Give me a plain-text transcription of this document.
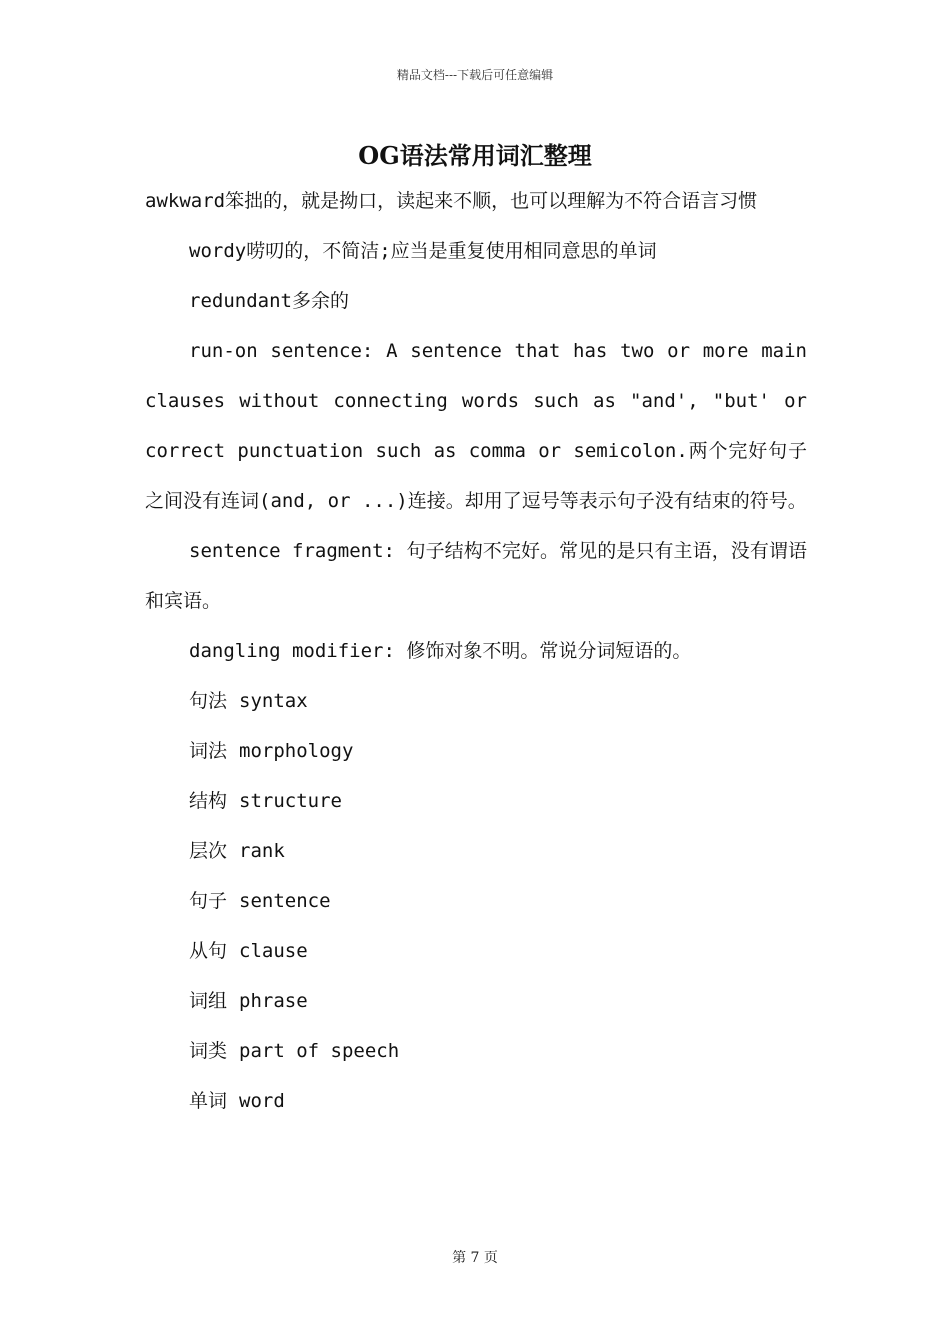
精品文档---下载后可任意编辑
OG语法常用词汇整理

awkward笨拙的，就是拗口，读起来不顺，也可以理解为不符合语言习惯

wordy唠叨的，不简洁;应当是重复使用相同意思的单词

redundant多余的

run-on sentence: A sentence that has two or more main clauses without connecting words such as "and', "but' or correct punctuation such as comma or semicolon.两个完好句子之间没有连词(and, or ...)连接。却用了逗号等表示句子没有结束的符号。

sentence fragment: 句子结构不完好。常见的是只有主语，没有谓语和宾语。

dangling modifier: 修饰对象不明。常说分词短语的。

句法 syntax
词法 morphology
结构 structure
层次 rank
句子 sentence
从句 clause
词组 phrase
词类 part of speech
单词 word
第 7 页
